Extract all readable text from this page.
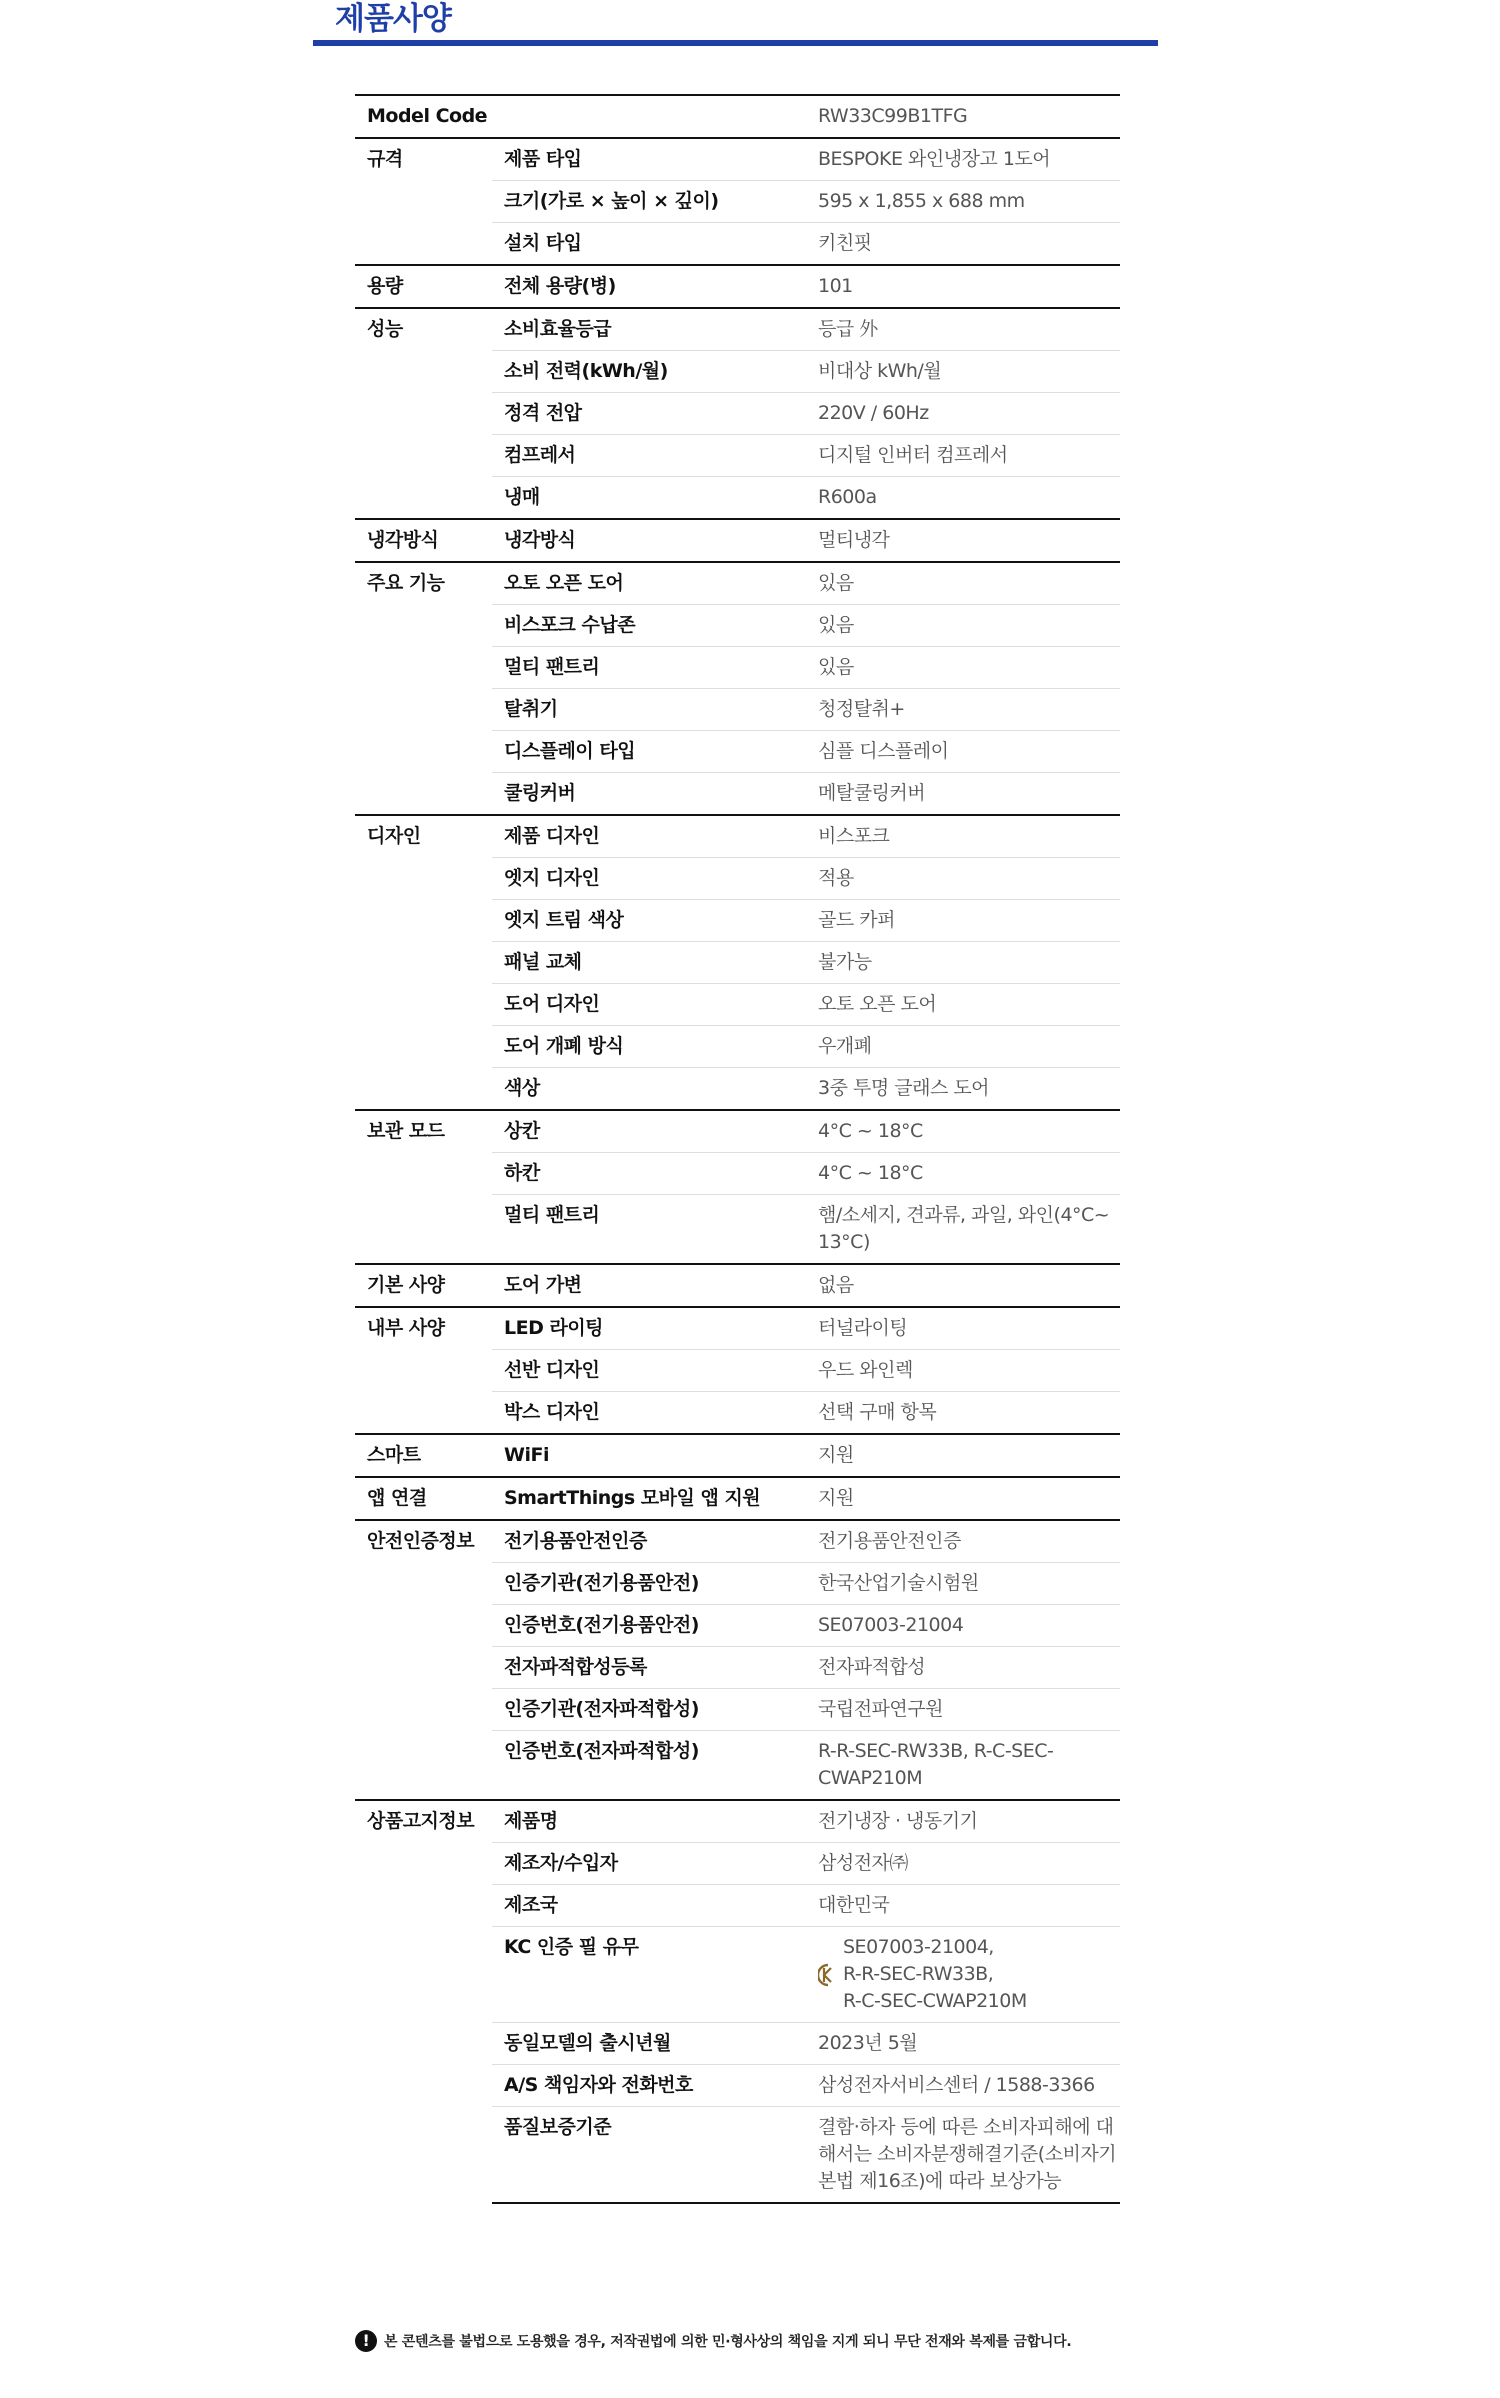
제품사양
Model Code		RW33C99B1TFG
규격	제품 타입	BESPOKE 와인냉장고 1도어
	크기(가로 × 높이 × 깊이)	595 x 1,855 x 688 mm
	설치 타입	키친핏
용량	전체 용량(병)	101
성능	소비효율등급	등급 外
	소비 전력(kWh/월)	비대상 kWh/월
	정격 전압	220V / 60Hz
	컴프레서	디지털 인버터 컴프레서
	냉매	R600a
냉각방식	냉각방식	멀티냉각
주요 기능	오토 오픈 도어	있음
	비스포크 수납존	있음
	멀티 팬트리	있음
	탈취기	청정탈취+
	디스플레이 타입	심플 디스플레이
	쿨링커버	메탈쿨링커버
디자인	제품 디자인	비스포크
	엣지 디자인	적용
	엣지 트림 색상	골드 카퍼
	패널 교체	불가능
	도어 디자인	오토 오픈 도어
	도어 개폐 방식	우개폐
	색상	3중 투명 글래스 도어
보관 모드	상칸	4°C ~ 18°C
	하칸	4°C ~ 18°C
	멀티 팬트리	햄/소세지, 견과류, 과일, 와인(4°C~ 13°C)
기본 사양	도어 가변	없음
내부 사양	LED 라이팅	터널라이팅
	선반 디자인	우드 와인렉
	박스 디자인	선택 구매 항목
스마트	WiFi	지원
앱 연결	SmartThings 모바일 앱 지원	지원
안전인증정보	전기용품안전인증	전기용품안전인증
	인증기관(전기용품안전)	한국산업기술시험원
	인증번호(전기용품안전)	SE07003-21004
	전자파적합성등록	전자파적합성
	인증기관(전자파적합성)	국립전파연구원
	인증번호(전자파적합성)	R-R-SEC-RW33B, R-C-SEC-CWAP210M
상품고지정보	제품명	전기냉장 · 냉동기기
	제조자/수입자	삼성전자㈜
	제조국	대한민국
	KC 인증 필 유무	SE07003-21004,
R-R-SEC-RW33B,
R-C-SEC-CWAP210M

	동일모델의 출시년월	2023년 5월
	A/S 책임자와 전화번호	삼성전자서비스센터 / 1588-3366
	품질보증기준	결함·하자 등에 따른 소비자피해에 대해서는 소비자분쟁해결기준(소비자기본법 제16조)에 따라 보상가능
!	본 콘텐츠를 불법으로 도용했을 경우, 저작권법에 의한 민·형사상의 책임을 지게 되니 무단 전재와 복제를 금합니다.
